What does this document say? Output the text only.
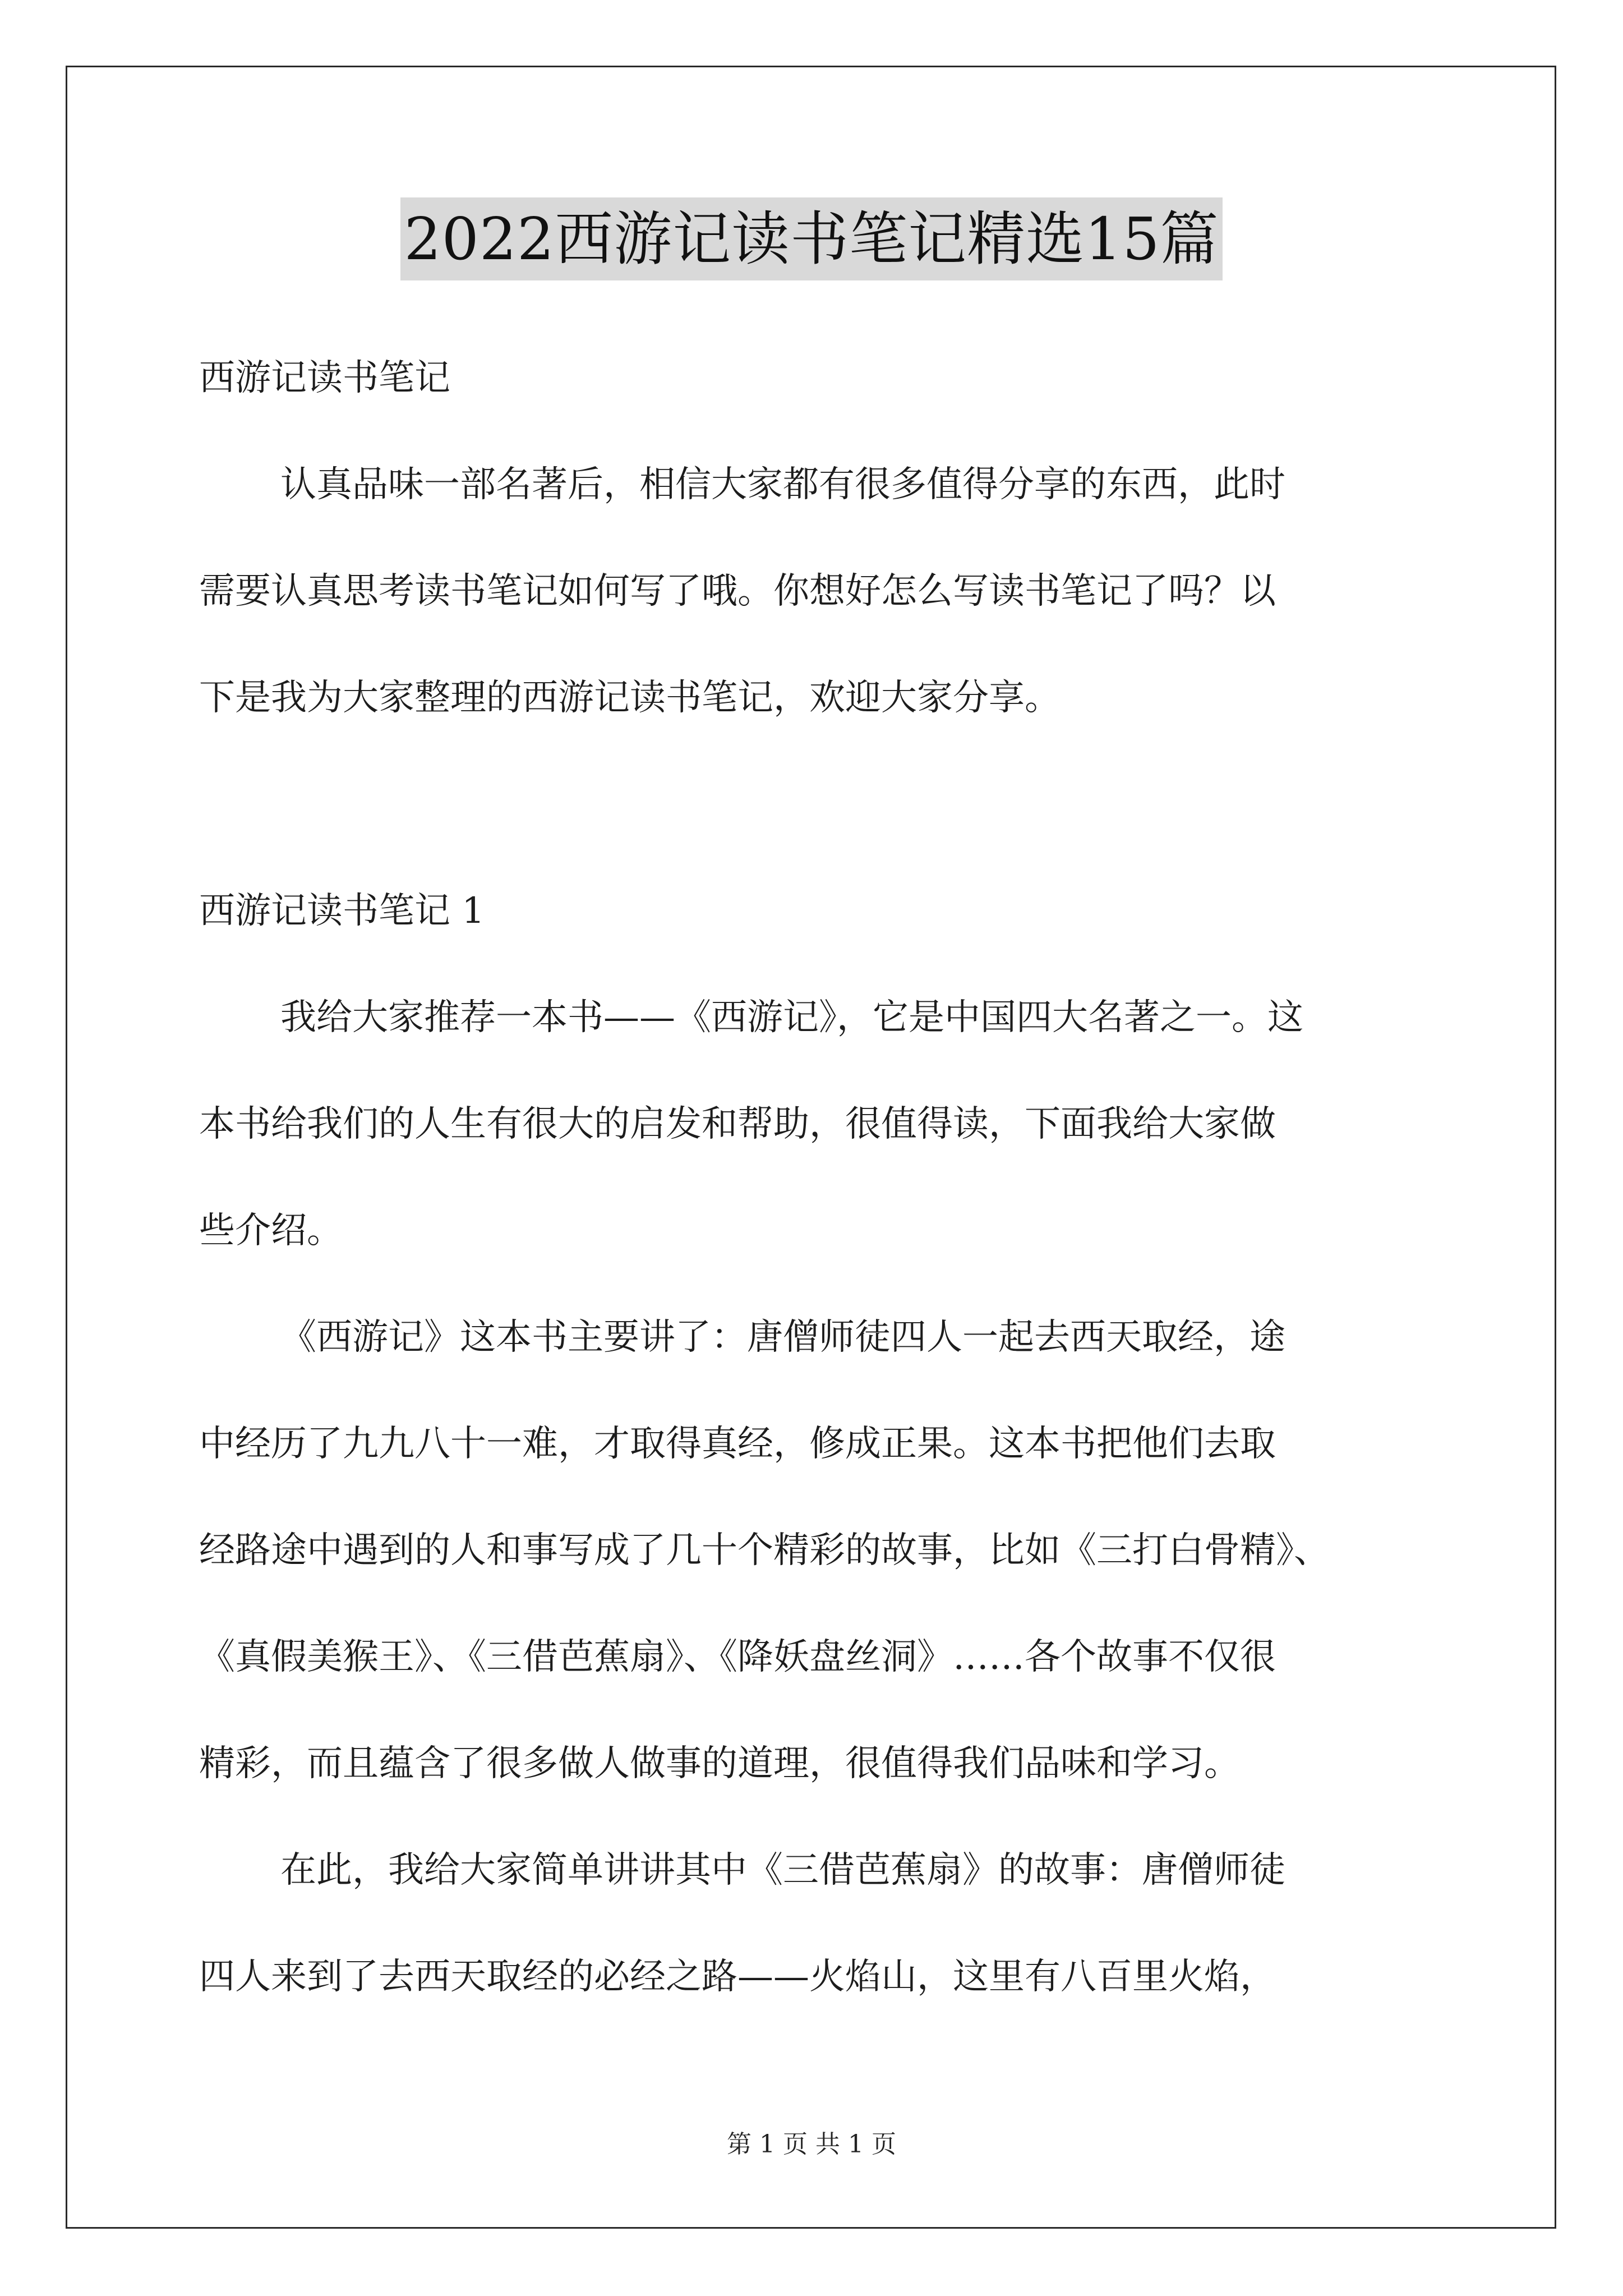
2022西游记读书笔记精选15篇
西游记读书笔记
认真品味一部名著后，相信大家都有很多值得分享的东西，此时
需要认真思考读书笔记如何写了哦。你想好怎么写读书笔记了吗？以
下是我为大家整理的西游记读书笔记，欢迎大家分享。
西游记读书笔记 1
我给大家推荐一本书——《西游记》，它是中国四大名著之一。这
本书给我们的人生有很大的启发和帮助，很值得读，下面我给大家做
些介绍。
《西游记》这本书主要讲了：唐僧师徒四人一起去西天取经，途
中经历了九九八十一难，才取得真经，修成正果。这本书把他们去取
经路途中遇到的人和事写成了几十个精彩的故事，比如《三打白骨精》、
《真假美猴王》、《三借芭蕉扇》、《降妖盘丝洞》……各个故事不仅很
精彩，而且蕴含了很多做人做事的道理，很值得我们品味和学习。
在此，我给大家简单讲讲其中《三借芭蕉扇》的故事：唐僧师徒
四人来到了去西天取经的必经之路——火焰山，这里有八百里火焰，
第 1 页 共 1 页
